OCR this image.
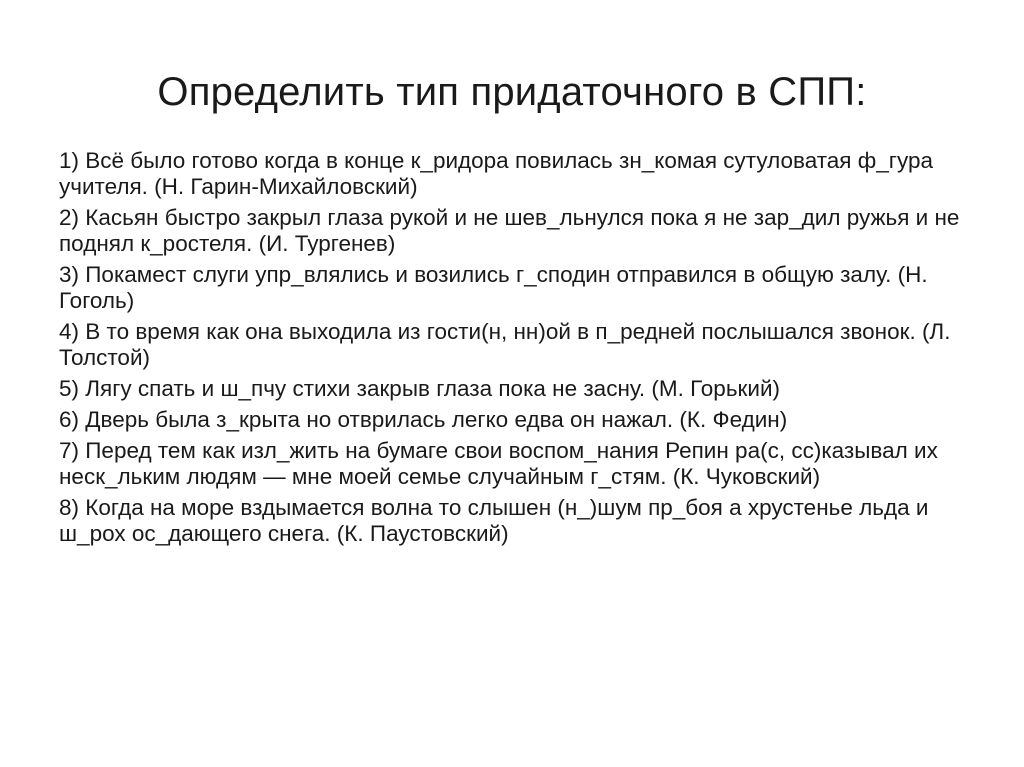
Определить тип придаточного в СПП:
1) Всё было готово когда в конце к_ридора повилась зн_комая сутуловатая ф_гура учителя. (Н. Гарин-Михайловский)
2) Касьян быстро закрыл глаза рукой и не шев_льнулся пока я не зар_дил ружья и не поднял к_ростеля. (И. Тургенев)
3) Покамест слуги упр_влялись и возились г_сподин отправился в общую залу. (Н. Гоголь)
4) В то время как она выходила из гости(н, нн)ой в п_редней послышался звонок. (Л. Толстой)
5) Лягу спать и ш_пчу стихи закрыв глаза пока не засну. (М. Горький)
6) Дверь была з_крыта но отврилась легко едва он нажал. (К. Федин)
7) Перед тем как изл_жить на бумаге свои воспом_нания Репин ра(с, сс)казывал их неск_льким людям — мне моей семье случайным г_стям. (К. Чуковский)
8) Когда на море вздымается волна то слышен (н_)шум пр_боя а хрустенье льда и ш_рох ос_дающего снега. (К. Паустовский)
